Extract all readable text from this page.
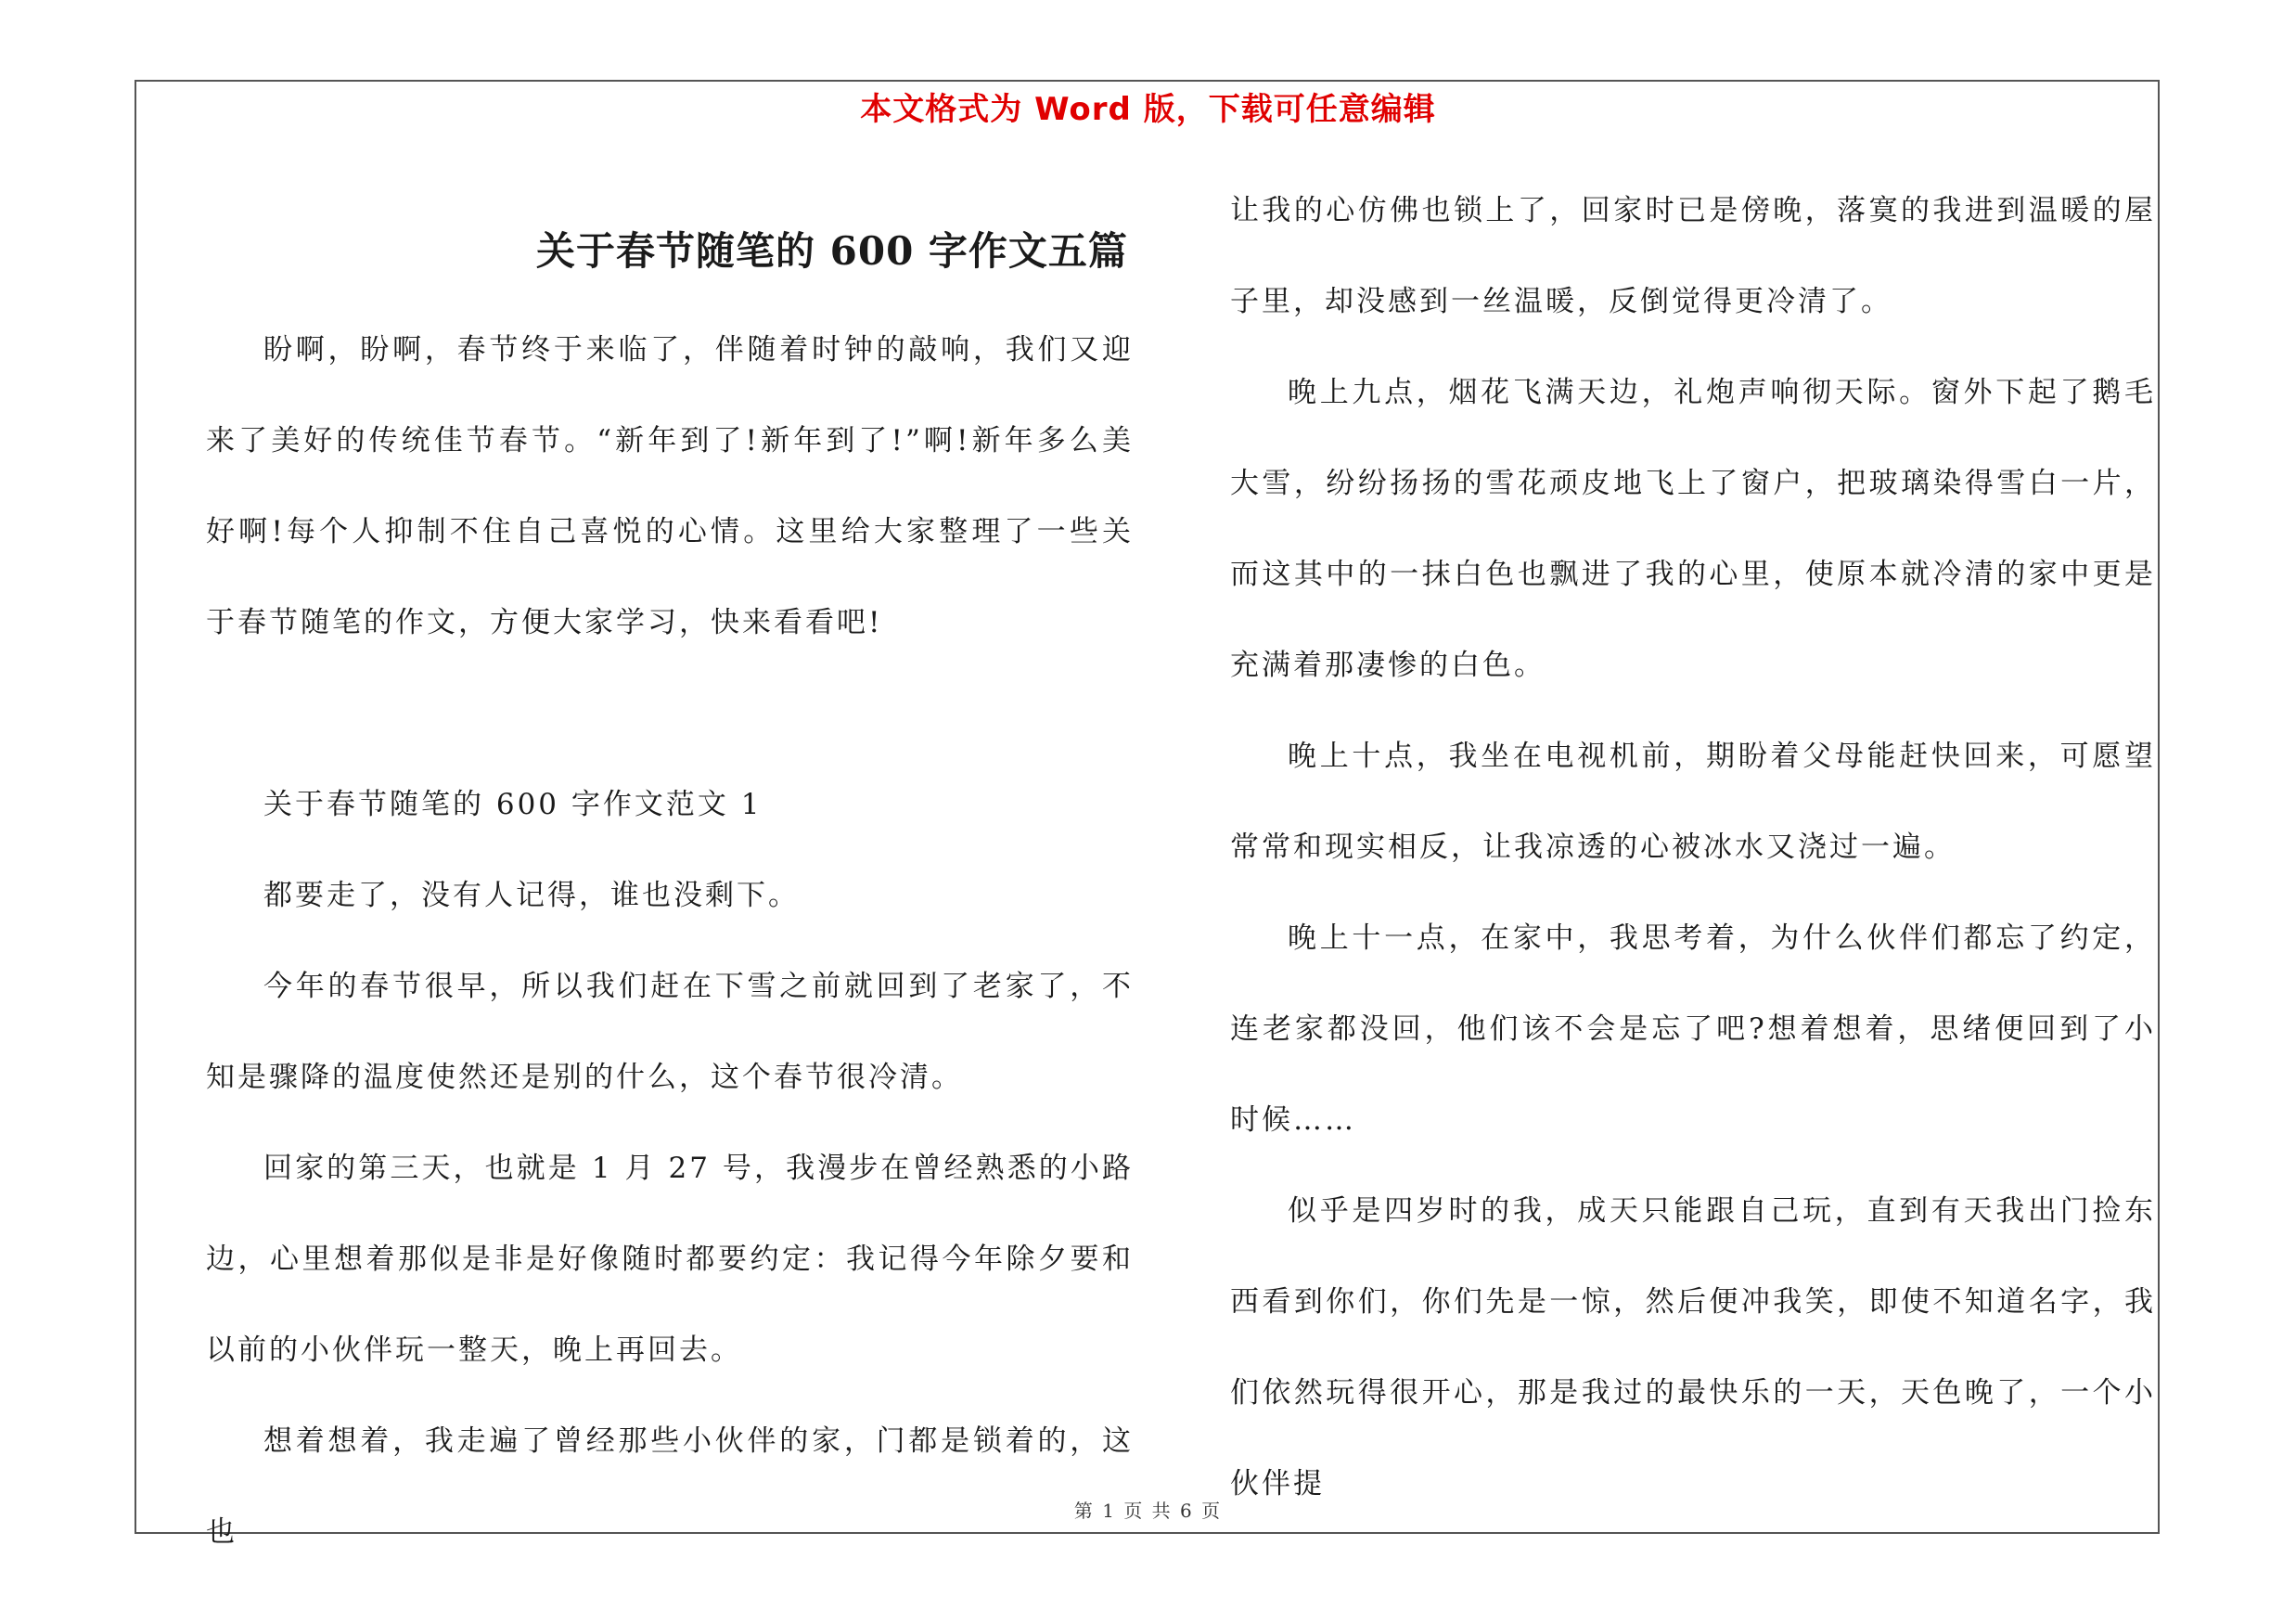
本文格式为 Word 版，下载可任意编辑
关于春节随笔的 600 字作文五篇

盼啊，盼啊，春节终于来临了，伴随着时钟的敲响，我们又迎来了美好的传统佳节春节。“新年到了!新年到了!”啊!新年多么美好啊!每个人抑制不住自己喜悦的心情。这里给大家整理了一些关于春节随笔的作文，方便大家学习，快来看看吧!

关于春节随笔的 600 字作文范文 1

都要走了，没有人记得，谁也没剩下。

今年的春节很早，所以我们赶在下雪之前就回到了老家了，不知是骤降的温度使然还是别的什么，这个春节很冷清。

回家的第三天，也就是 1 月 27 号，我漫步在曾经熟悉的小路边，心里想着那似是非是好像随时都要约定：我记得今年除夕要和以前的小伙伴玩一整天，晚上再回去。

想着想着，我走遍了曾经那些小伙伴的家，门都是锁着的，这也

让我的心仿佛也锁上了，回家时已是傍晚，落寞的我进到温暖的屋子里，却没感到一丝温暖，反倒觉得更冷清了。

晚上九点，烟花飞满天边，礼炮声响彻天际。窗外下起了鹅毛大雪，纷纷扬扬的雪花顽皮地飞上了窗户，把玻璃染得雪白一片，而这其中的一抹白色也飘进了我的心里，使原本就冷清的家中更是充满着那凄惨的白色。

晚上十点，我坐在电视机前，期盼着父母能赶快回来，可愿望常常和现实相反，让我凉透的心被冰水又浇过一遍。

晚上十一点，在家中，我思考着，为什么伙伴们都忘了约定，连老家都没回，他们该不会是忘了吧?想着想着，思绪便回到了小时候……

似乎是四岁时的我，成天只能跟自己玩，直到有天我出门捡东西看到你们，你们先是一惊，然后便冲我笑，即使不知道名字，我们依然玩得很开心，那是我过的最快乐的一天，天色晚了，一个小伙伴提

第 1 页 共 6 页
